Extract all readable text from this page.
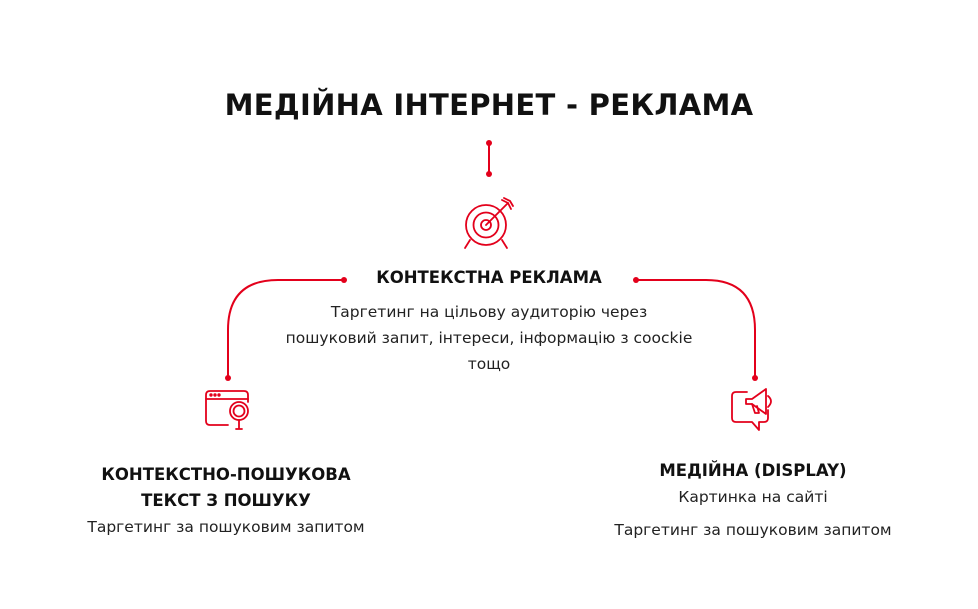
МЕДІЙНА ІНТЕРНЕТ - РЕКЛАМА
КОНТЕКСТНА РЕКЛАМА
Таргетинг на цільову аудиторію через пошуковий запит, інтереси, інформацію з coockie тощо
КОНТЕКСТНО-ПОШУКОВА
ТЕКСТ З ПОШУКУ
Таргетинг за пошуковим запитом
МЕДІЙНА (DISPLAY)
Картинка на сайті
Таргетинг за пошуковим запитом
